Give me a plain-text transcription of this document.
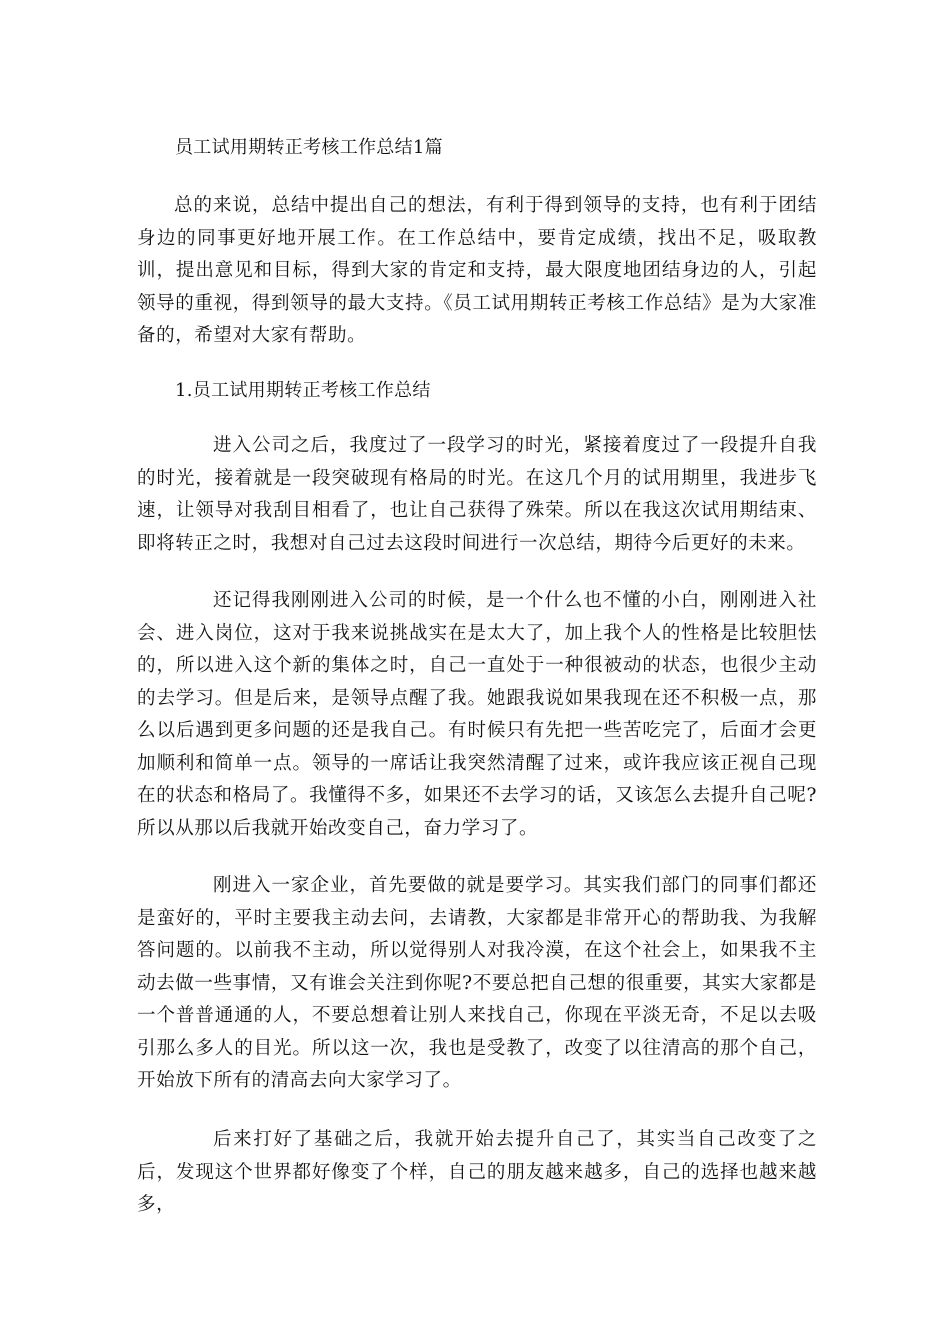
员工试用期转正考核工作总结1篇

总的来说，总结中提出自己的想法，有利于得到领导的支持，也有利于团结身边的同事更好地开展工作。在工作总结中，要肯定成绩，找出不足，吸取教训，提出意见和目标，得到大家的肯定和支持，最大限度地团结身边的人，引起领导的重视，得到领导的最大支持。《员工试用期转正考核工作总结》是为大家准备的，希望对大家有帮助。

1.员工试用期转正考核工作总结

进入公司之后，我度过了一段学习的时光，紧接着度过了一段提升自我的时光，接着就是一段突破现有格局的时光。在这几个月的试用期里，我进步飞速，让领导对我刮目相看了，也让自己获得了殊荣。所以在我这次试用期结束、即将转正之时，我想对自己过去这段时间进行一次总结，期待今后更好的未来。

还记得我刚刚进入公司的时候，是一个什么也不懂的小白，刚刚进入社会、进入岗位，这对于我来说挑战实在是太大了，加上我个人的性格是比较胆怯的，所以进入这个新的集体之时，自己一直处于一种很被动的状态，也很少主动的去学习。但是后来，是领导点醒了我。她跟我说如果我现在还不积极一点，那么以后遇到更多问题的还是我自己。有时候只有先把一些苦吃完了，后面才会更加顺利和简单一点。领导的一席话让我突然清醒了过来，或许我应该正视自己现在的状态和格局了。我懂得不多，如果还不去学习的话，又该怎么去提升自己呢?所以从那以后我就开始改变自己，奋力学习了。

刚进入一家企业，首先要做的就是要学习。其实我们部门的同事们都还是蛮好的，平时主要我主动去问，去请教，大家都是非常开心的帮助我、为我解答问题的。以前我不主动，所以觉得别人对我冷漠，在这个社会上，如果我不主动去做一些事情，又有谁会关注到你呢?不要总把自己想的很重要，其实大家都是一个普普通通的人，不要总想着让别人来找自己，你现在平淡无奇，不足以去吸引那么多人的目光。所以这一次，我也是受教了，改变了以往清高的那个自己，开始放下所有的清高去向大家学习了。

后来打好了基础之后，我就开始去提升自己了，其实当自己改变了之后，发现这个世界都好像变了个样，自己的朋友越来越多，自己的选择也越来越多，
